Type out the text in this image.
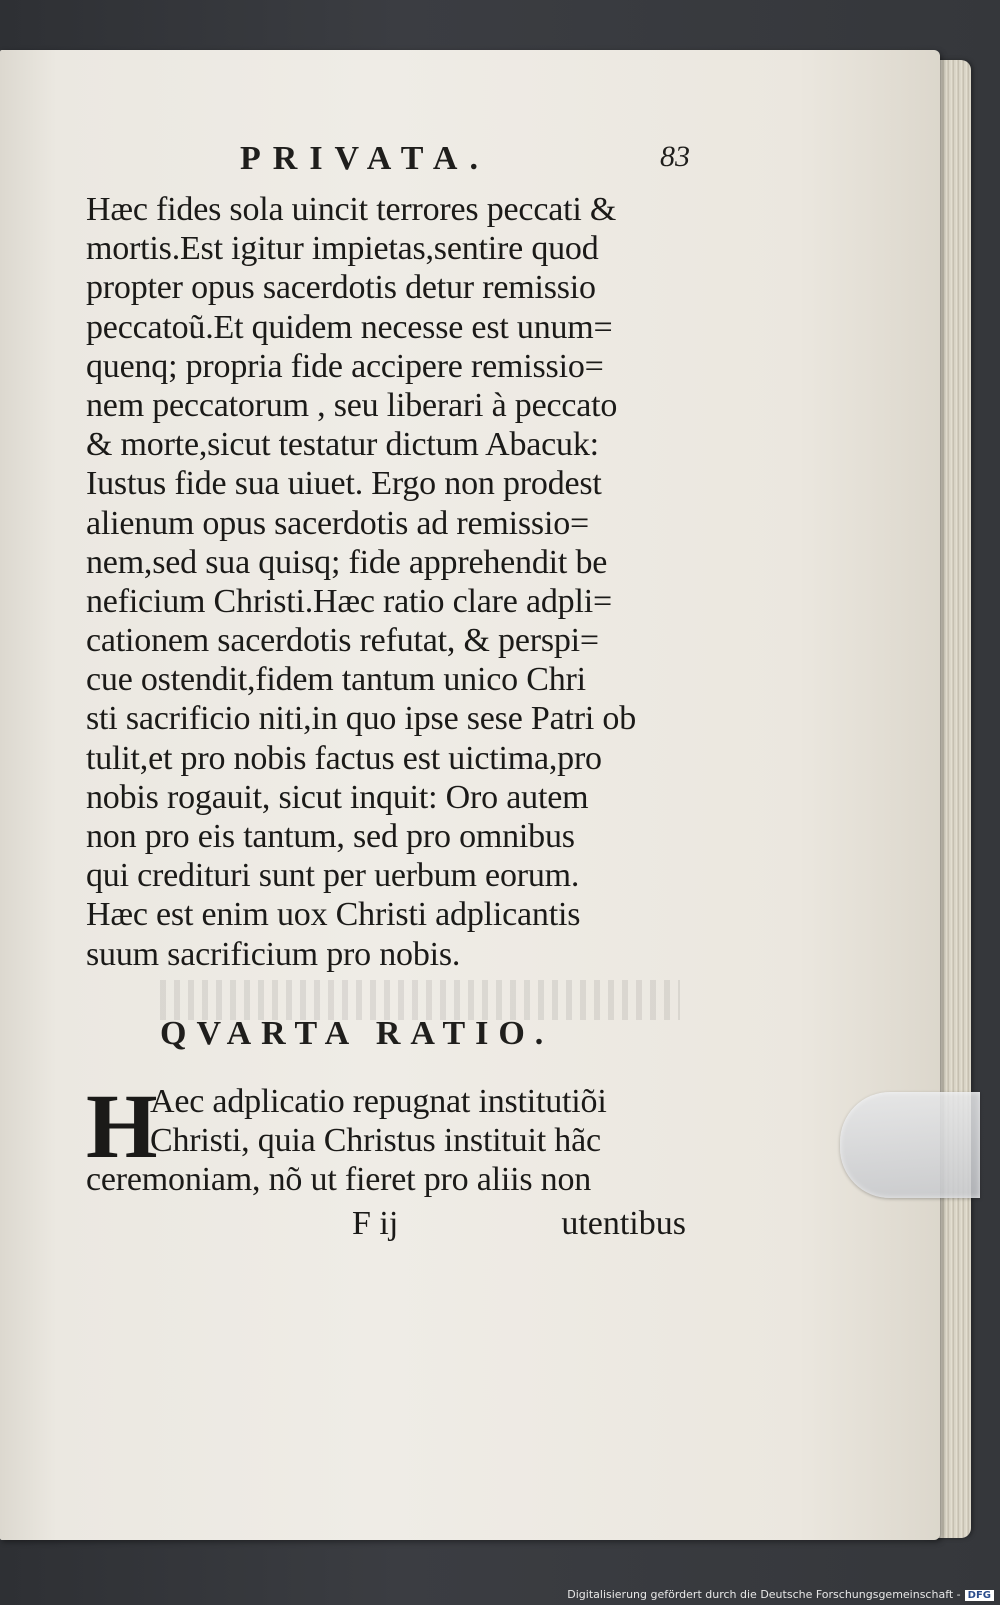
PRIVATA.	83
Hæc fides sola uincit terrores peccati &
mortis.Est igitur impietas,sentire quod
propter opus sacerdotis detur remissio
peccatoũ.Et quidem necesse est unum=
quenq; propria fide accipere remissio=
nem peccatorum , seu liberari à peccato
& morte,sicut testatur dictum Abacuk:
Iustus fide sua uiuet. Ergo non prodest
alienum opus sacerdotis ad remissio=
nem,sed sua quisq; fide apprehendit be
neficium Christi.Hæc ratio clare adpli=
cationem sacerdotis refutat, & perspi=
cue ostendit,fidem tantum unico Chri
sti sacrificio niti,in quo ipse sese Patri ob
tulit,et pro nobis factus est uictima,pro
nobis rogauit, sicut inquit: Oro autem
non pro eis tantum, sed pro omnibus
qui credituri sunt per uerbum eorum.
Hæc est enim uox Christi adplicantis
suum sacrificium pro nobis.
QVARTA RATIO.
H
Aec adplicatio repugnat institutiõi
Christi, quia Christus instituit hãc
ceremoniam, nõ ut fieret pro aliis non
F ij	utentibus
Digitalisierung gefördert durch die Deutsche Forschungsgemeinschaft - DFG
